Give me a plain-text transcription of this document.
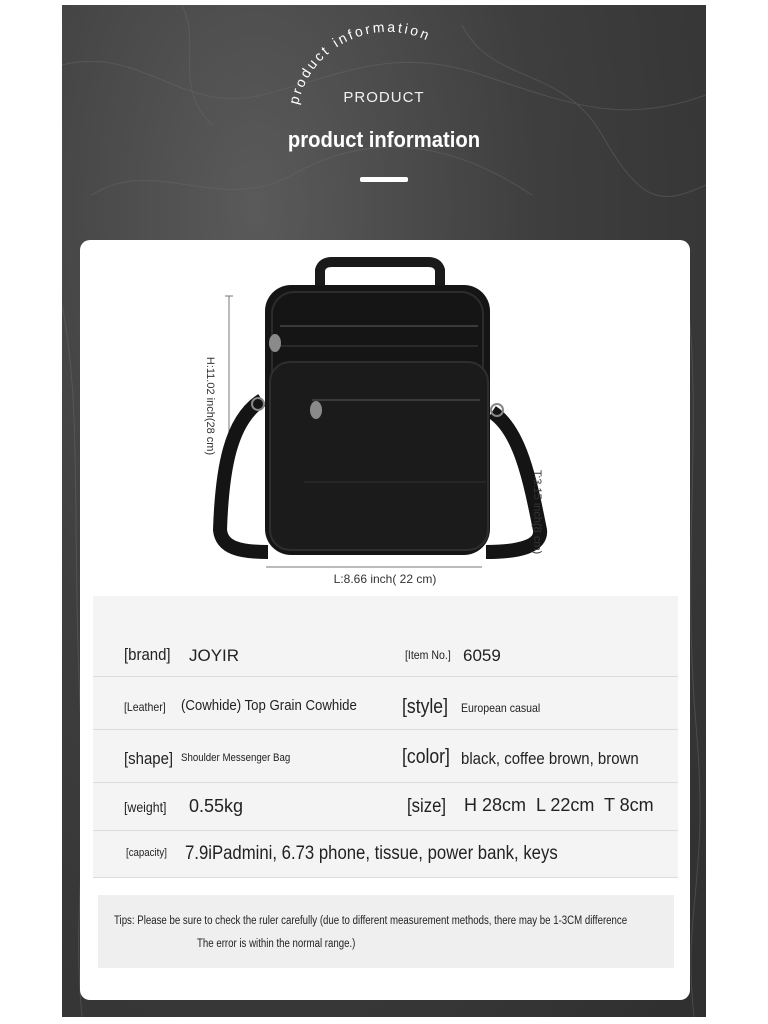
product information
PRODUCT
product information
H:11.02 inch(28 cm)
T:3.15 inch(8 cm)
L:8.66 inch( 22 cm)
[brand]	JOYIR	[Item No.] 6059
[Leather]	(Cowhide) Top Grain Cowhide	[style]	European casual
[shape] Shoulder Messenger Bag	[color] black, coffee brown, brown
[weight]	0.55kg	[size] H 28cm L 22cm T 8cm
[capacity] 7.9iPadmini, 6.73 phone, tissue, power bank, keys
Tips: Please be sure to check the ruler carefully (due to different measurement methods, there may be 1-3CM difference
The error is within the normal range.)
